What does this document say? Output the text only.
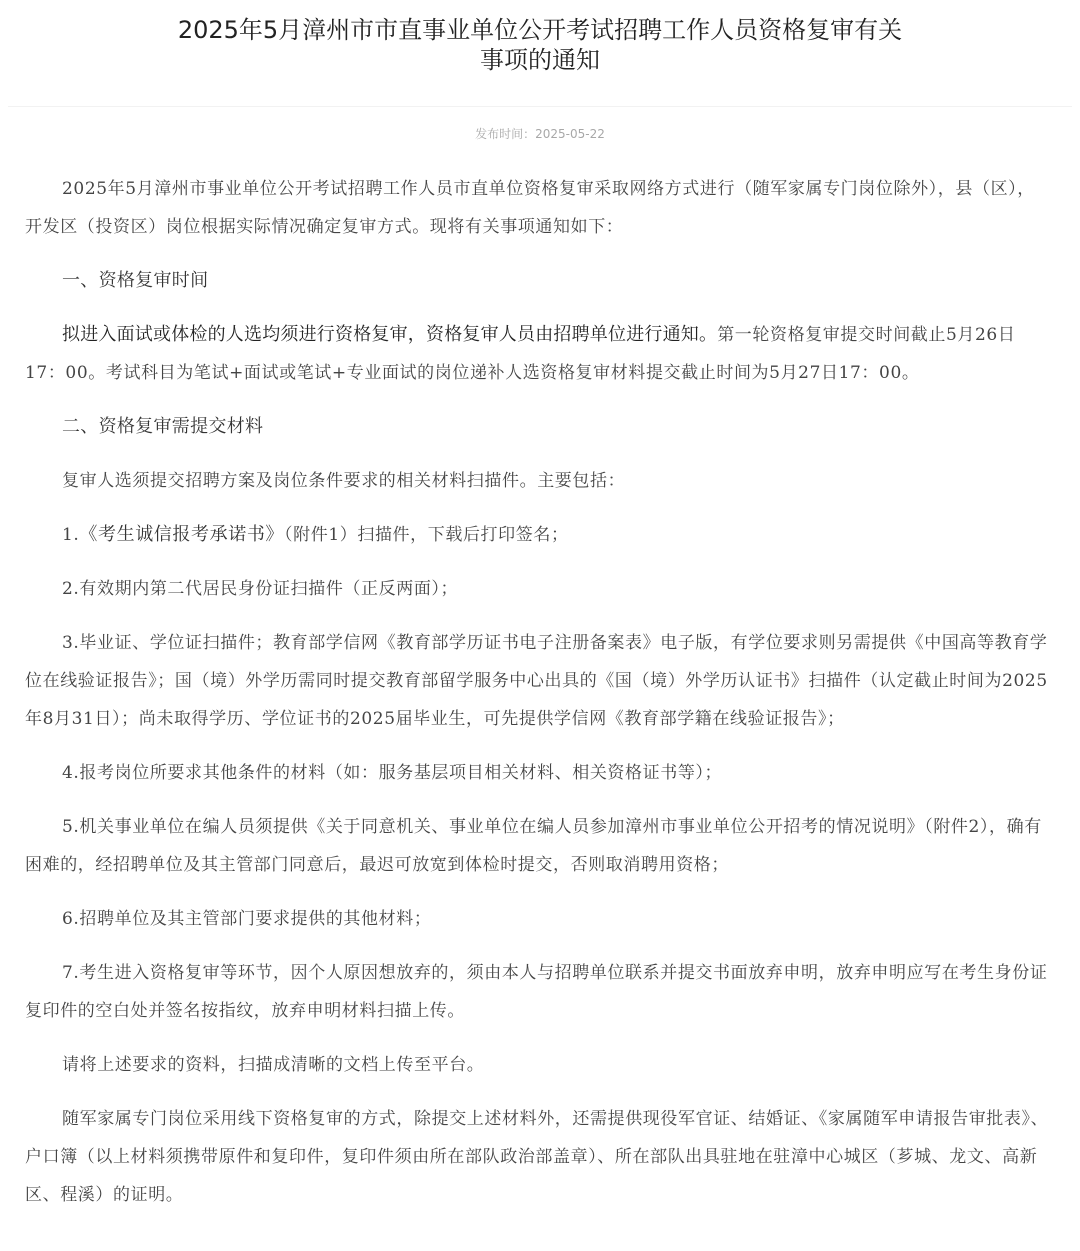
2025年5月漳州市市直事业单位公开考试招聘工作人员资格复审有关
事项的通知
发布时间：2025-05-22

2025年5月漳州市事业单位公开考试招聘工作人员市直单位资格复审采取网络方式进行（随军家属专门岗位除外），县（区），开发区（投资区）岗位根据实际情况确定复审方式。现将有关事项通知如下：

一、资格复审时间

拟进入面试或体检的人选均须进行资格复审，资格复审人员由招聘单位进行通知。第一轮资格复审提交时间截止5月26日17：00。考试科目为笔试+面试或笔试+专业面试的岗位递补人选资格复审材料提交截止时间为5月27日17：00。

二、资格复审需提交材料

复审人选须提交招聘方案及岗位条件要求的相关材料扫描件。主要包括：

1.《考生诚信报考承诺书》（附件1）扫描件，下载后打印签名；

2.有效期内第二代居民身份证扫描件（正反两面）；

3.毕业证、学位证扫描件；教育部学信网《教育部学历证书电子注册备案表》电子版，有学位要求则另需提供《中国高等教育学位在线验证报告》；国（境）外学历需同时提交教育部留学服务中心出具的《国（境）外学历认证书》扫描件（认定截止时间为2025年8月31日）；尚未取得学历、学位证书的2025届毕业生，可先提供学信网《教育部学籍在线验证报告》；

4.报考岗位所要求其他条件的材料（如：服务基层项目相关材料、相关资格证书等）；

5.机关事业单位在编人员须提供《关于同意机关、事业单位在编人员参加漳州市事业单位公开招考的情况说明》（附件2），确有困难的，经招聘单位及其主管部门同意后，最迟可放宽到体检时提交，否则取消聘用资格；

6.招聘单位及其主管部门要求提供的其他材料；

7.考生进入资格复审等环节，因个人原因想放弃的，须由本人与招聘单位联系并提交书面放弃申明，放弃申明应写在考生身份证复印件的空白处并签名按指纹，放弃申明材料扫描上传。

请将上述要求的资料，扫描成清晰的文档上传至平台。

随军家属专门岗位采用线下资格复审的方式，除提交上述材料外，还需提供现役军官证、结婚证、《家属随军申请报告审批表》、户口簿（以上材料须携带原件和复印件，复印件须由所在部队政治部盖章）、所在部队出具驻地在驻漳中心城区（芗城、龙文、高新区、程溪）的证明。
